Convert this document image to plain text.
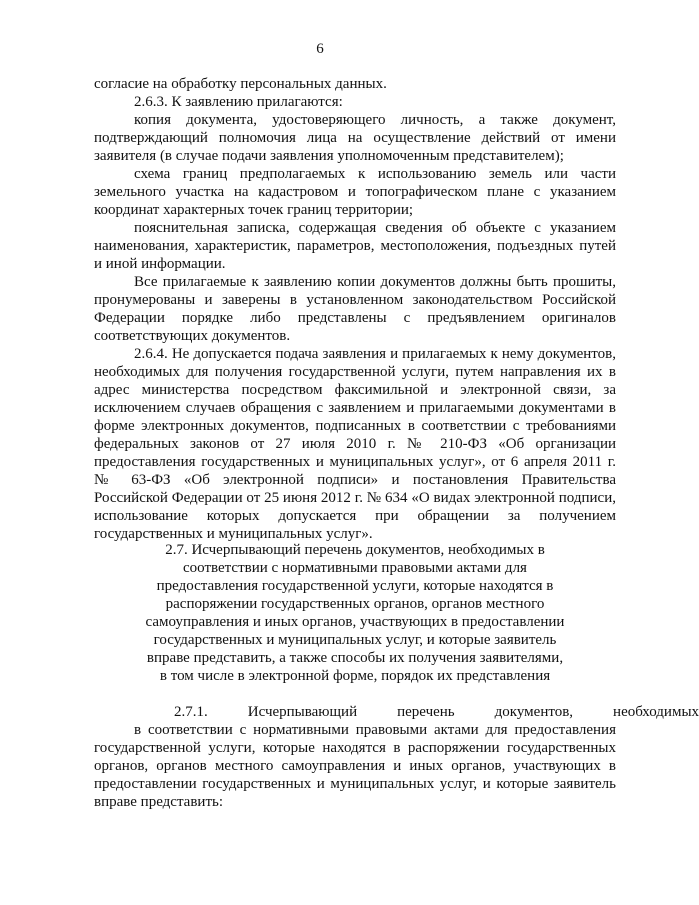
6

согласие на обработку персональных данных.

2.6.3. К заявлению прилагаются:

копия документа, удостоверяющего личность, а также документ, подтверждающий полномочия лица на осуществление действий от имени заявителя (в случае подачи заявления уполномоченным представителем);

схема границ предполагаемых к использованию земель или части земельного участка на кадастровом и топографическом плане с указанием координат характерных точек границ территории;

пояснительная записка, содержащая сведения об объекте с указанием наименования, характеристик, параметров, местоположения, подъездных путей и иной информации.

Все прилагаемые к заявлению копии документов должны быть прошиты, пронумерованы и заверены в установленном законодательством Российской Федерации порядке либо представлены с предъявлением оригиналов соответствующих документов.

2.6.4. Не допускается подача заявления и прилагаемых к нему документов, необходимых для получения государственной услуги, путем направления их в адрес министерства посредством факсимильной и электронной связи, за исключением случаев обращения с заявлением и прилагаемыми документами в форме электронных документов, подписанных в соответствии с требованиями федеральных законов от 27 июля 2010 г. № 210-ФЗ «Об организации предоставления государственных и муниципальных услуг», от 6 апреля 2011 г. № 63-ФЗ «Об электронной подписи» и постановления Правительства Российской Федерации от 25 июня 2012 г. № 634 «О видах электронной подписи, использование которых допускается при обращении за получением государственных и муниципальных услуг».

2.7. Исчерпывающий перечень документов, необходимых в
соответствии с нормативными правовыми актами для
предоставления государственной услуги, которые находятся в
распоряжении государственных органов, органов местного
самоуправления и иных органов, участвующих в предоставлении
государственных и муниципальных услуг, и которые заявитель
вправе представить, а также способы их получения заявителями,
в том числе в электронной форме, порядок их представления

2.7.1.	Исчерпывающий	перечень	документов,	необходимых
в соответствии с нормативными правовыми актами для предоставления государственной услуги, которые находятся в распоряжении государственных органов, органов местного самоуправления и иных органов, участвующих в предоставлении государственных и муниципальных услуг, и которые заявитель вправе представить:
